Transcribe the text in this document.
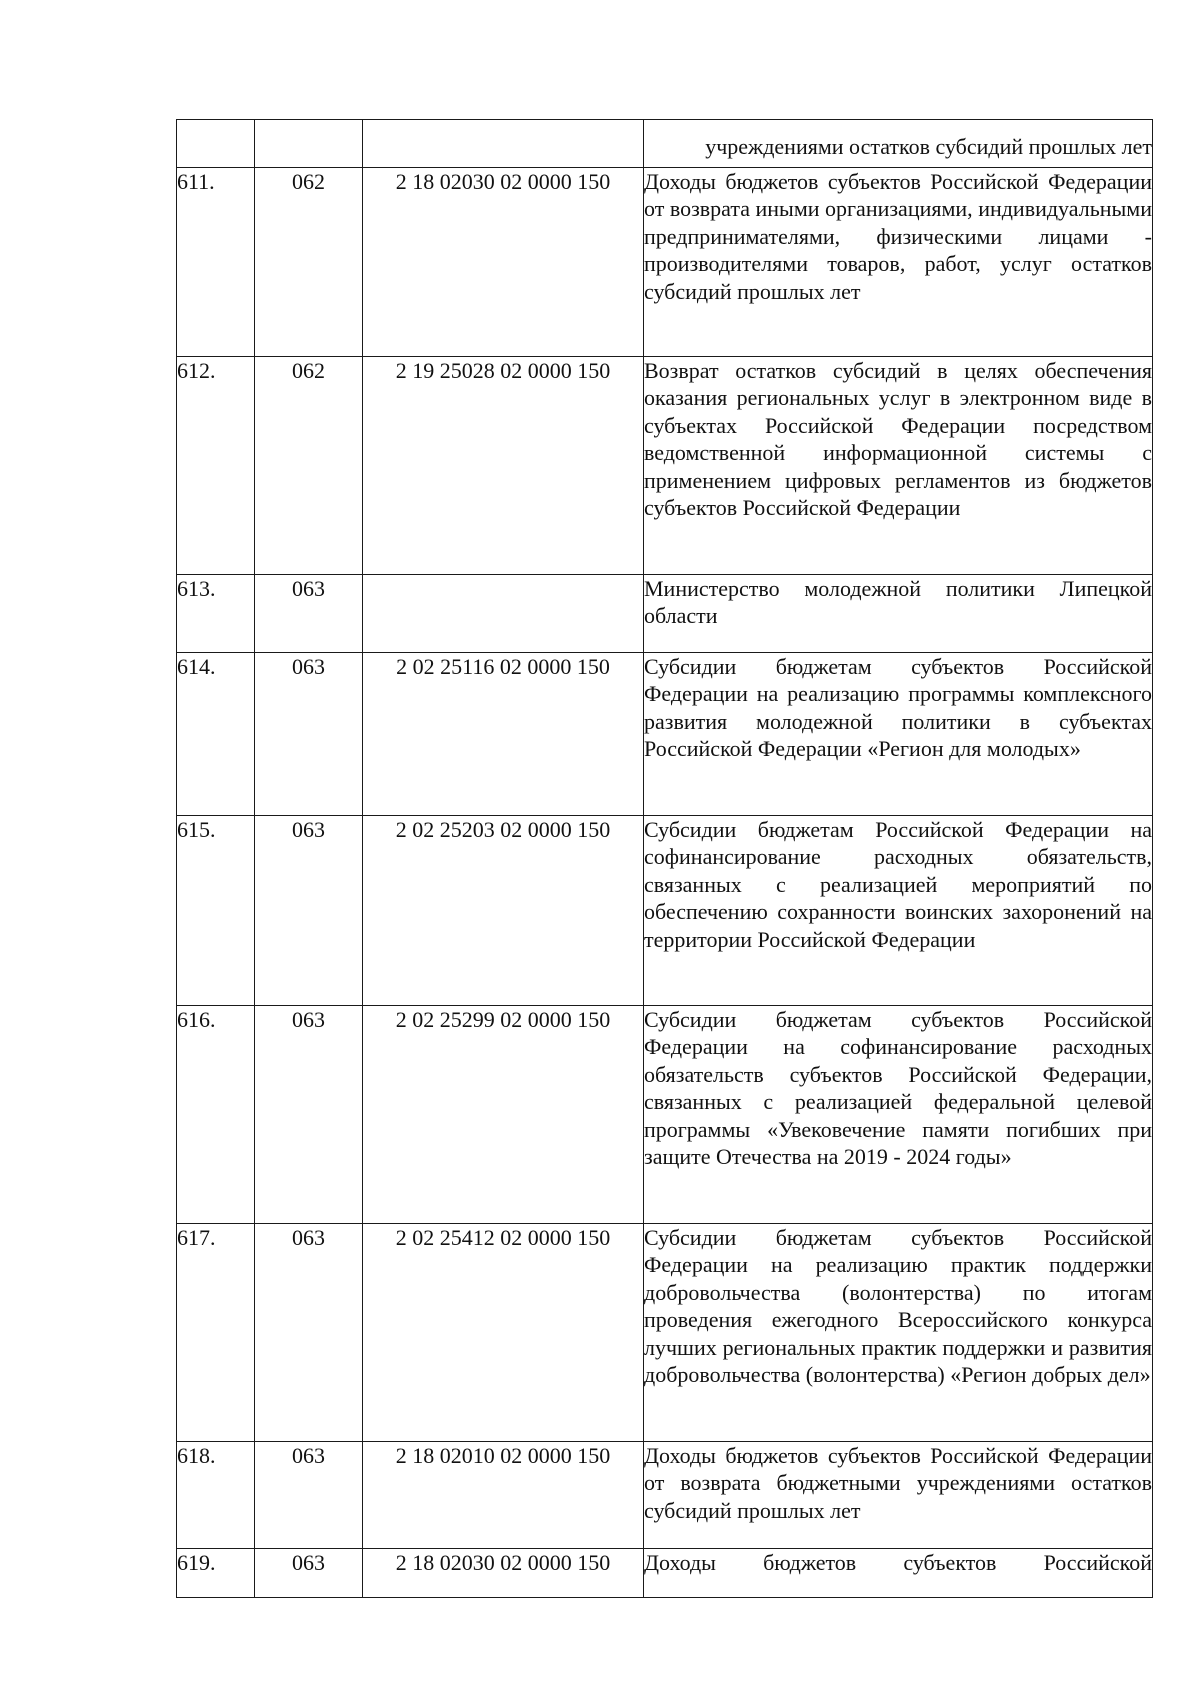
			учреждениями остатков субсидий прошлых лет

611.	062	2 18 02030 02 0000 150	Доходы бюджетов субъектов Российской Федерации от возврата иными организациями, индивидуальными предпринимателями, физическими лицами - производителями товаров, работ, услуг остатков субсидий прошлых лет

612.	062	2 19 25028 02 0000 150	Возврат остатков субсидий в целях обеспечения оказания региональных услуг в электронном виде в субъектах Российской Федерации посредством ведомственной информационной системы с применением цифровых регламентов из бюджетов субъектов Российской Федерации

613.	063		Министерство молодежной политики Липецкой области

614.	063	2 02 25116 02 0000 150	Субсидии бюджетам субъектов Российской Федерации на реализацию программы комплексного развития молодежной политики в субъектах Российской Федерации «Регион для молодых»

615.	063	2 02 25203 02 0000 150	Субсидии бюджетам Российской Федерации на софинансирование расходных обязательств, связанных с реализацией мероприятий по обеспечению сохранности воинских захоронений на территории Российской Федерации

616.	063	2 02 25299 02 0000 150	Субсидии бюджетам субъектов Российской Федерации на софинансирование расходных обязательств субъектов Российской Федерации, связанных с реализацией федеральной целевой программы «Увековечение памяти погибших при защите Отечества на 2019 - 2024 годы»

617.	063	2 02 25412 02 0000 150	Субсидии бюджетам субъектов Российской Федерации на реализацию практик поддержки добровольчества (волонтерства) по итогам проведения ежегодного Всероссийского конкурса лучших региональных практик поддержки и развития добровольчества (волонтерства) «Регион добрых дел»

618.	063	2 18 02010 02 0000 150	Доходы бюджетов субъектов Российской Федерации от возврата бюджетными учреждениями остатков субсидий прошлых лет

619.	063	2 18 02030 02 0000 150	Доходы бюджетов субъектов Российской
